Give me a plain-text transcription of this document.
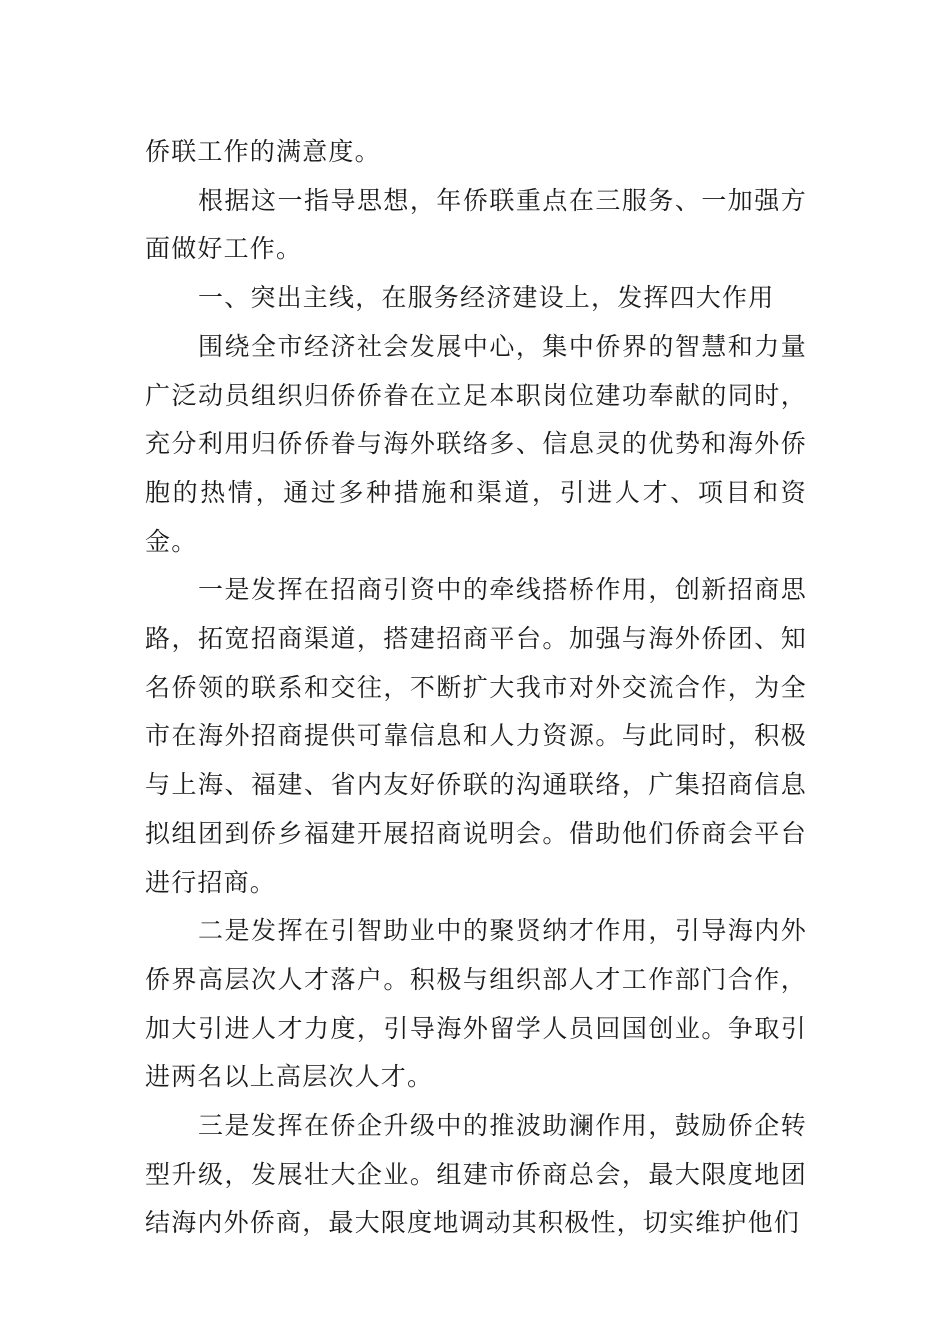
侨联工作的满意度。

根据这一指导思想，年侨联重点在三服务、一加强方面做好工作。

一、突出主线，在服务经济建设上，发挥四大作用

围绕全市经济社会发展中心，集中侨界的智慧和力量广泛动员组织归侨侨眷在立足本职岗位建功奉献的同时，充分利用归侨侨眷与海外联络多、信息灵的优势和海外侨胞的热情，通过多种措施和渠道，引进人才、项目和资金。

一是发挥在招商引资中的牵线搭桥作用，创新招商思路，拓宽招商渠道，搭建招商平台。加强与海外侨团、知名侨领的联系和交往，不断扩大我市对外交流合作，为全市在海外招商提供可靠信息和人力资源。与此同时，积极与上海、福建、省内友好侨联的沟通联络，广集招商信息拟组团到侨乡福建开展招商说明会。借助他们侨商会平台进行招商。

二是发挥在引智助业中的聚贤纳才作用，引导海内外侨界高层次人才落户。积极与组织部人才工作部门合作，加大引进人才力度，引导海外留学人员回国创业。争取引进两名以上高层次人才。

三是发挥在侨企升级中的推波助澜作用，鼓励侨企转型升级，发展壮大企业。组建市侨商总会，最大限度地团结海内外侨商，最大限度地调动其积极性，切实维护他们
